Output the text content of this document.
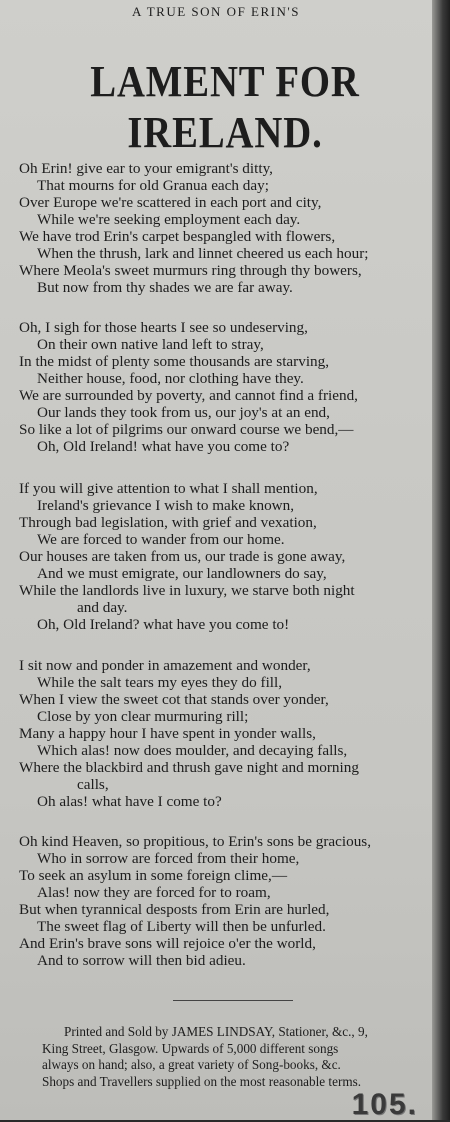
A TRUE SON OF ERIN'S
LAMENT FOR IRELAND.
Oh Erin! give ear to your emigrant's ditty,
That mourns for old Granua each day;
Over Europe we're scattered in each port and city,
While we're seeking employment each day.
We have trod Erin's carpet bespangled with flowers,
When the thrush, lark and linnet cheered us each hour;
Where Meola's sweet murmurs ring through thy bowers,
But now from thy shades we are far away.
Oh, I sigh for those hearts I see so undeserving,
On their own native land left to stray,
In the midst of plenty some thousands are starving,
Neither house, food, nor clothing have they.
We are surrounded by poverty, and cannot find a friend,
Our lands they took from us, our joy's at an end,
So like a lot of pilgrims our onward course we bend,—
Oh, Old Ireland! what have you come to?
If you will give attention to what I shall mention,
Ireland's grievance I wish to make known,
Through bad legislation, with grief and vexation,
We are forced to wander from our home.
Our houses are taken from us, our trade is gone away,
And we must emigrate, our landlowners do say,
While the landlords live in luxury, we starve both night
and day.
Oh, Old Ireland? what have you come to!
I sit now and ponder in amazement and wonder,
While the salt tears my eyes they do fill,
When I view the sweet cot that stands over yonder,
Close by yon clear murmuring rill;
Many a happy hour I have spent in yonder walls,
Which alas! now does moulder, and decaying falls,
Where the blackbird and thrush gave night and morning
calls,
Oh alas! what have I come to?
Oh kind Heaven, so propitious, to Erin's sons be gracious,
Who in sorrow are forced from their home,
To seek an asylum in some foreign clime,—
Alas! now they are forced for to roam,
But when tyrannical desposts from Erin are hurled,
The sweet flag of Liberty will then be unfurled.
And Erin's brave sons will rejoice o'er the world,
And to sorrow will then bid adieu.
Printed and Sold by JAMES LINDSAY, Stationer, &c., 9,
King Street, Glasgow. Upwards of 5,000 different songs
always on hand; also, a great variety of Song-books, &c.
Shops and Travellers supplied on the most reasonable terms.
105.
